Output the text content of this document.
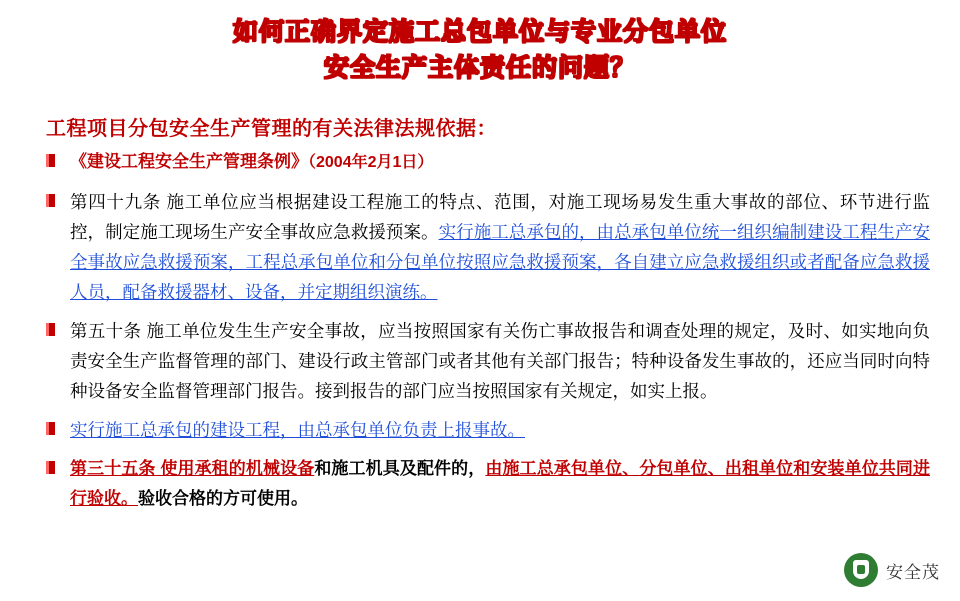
如何正确界定施工总包单位与专业分包单位
安全生产主体责任的问题？
工程项目分包安全生产管理的有关法律法规依据：
《建设工程安全生产管理条例》（2004年2月1日）
第四十九条 施工单位应当根据建设工程施工的特点、范围，对施工现场易发生重大事故的部位、环节进行监控，制定施工现场生产安全事故应急救援预案。实行施工总承包的，由总承包单位统一组织编制建设工程生产安全事故应急救援预案，工程总承包单位和分包单位按照应急救援预案，各自建立应急救援组织或者配备应急救援人员，配备救援器材、设备，并定期组织演练。
第五十条 施工单位发生生产安全事故，应当按照国家有关伤亡事故报告和调查处理的规定，及时、如实地向负责安全生产监督管理的部门、建设行政主管部门或者其他有关部门报告；特种设备发生事故的，还应当同时向特种设备安全监督管理部门报告。接到报告的部门应当按照国家有关规定，如实上报。
实行施工总承包的建设工程，由总承包单位负责上报事故。
第三十五条 使用承租的机械设备和施工机具及配件的，由施工总承包单位、分包单位、出租单位和安装单位共同进行验收。验收合格的方可使用。
安全茂
